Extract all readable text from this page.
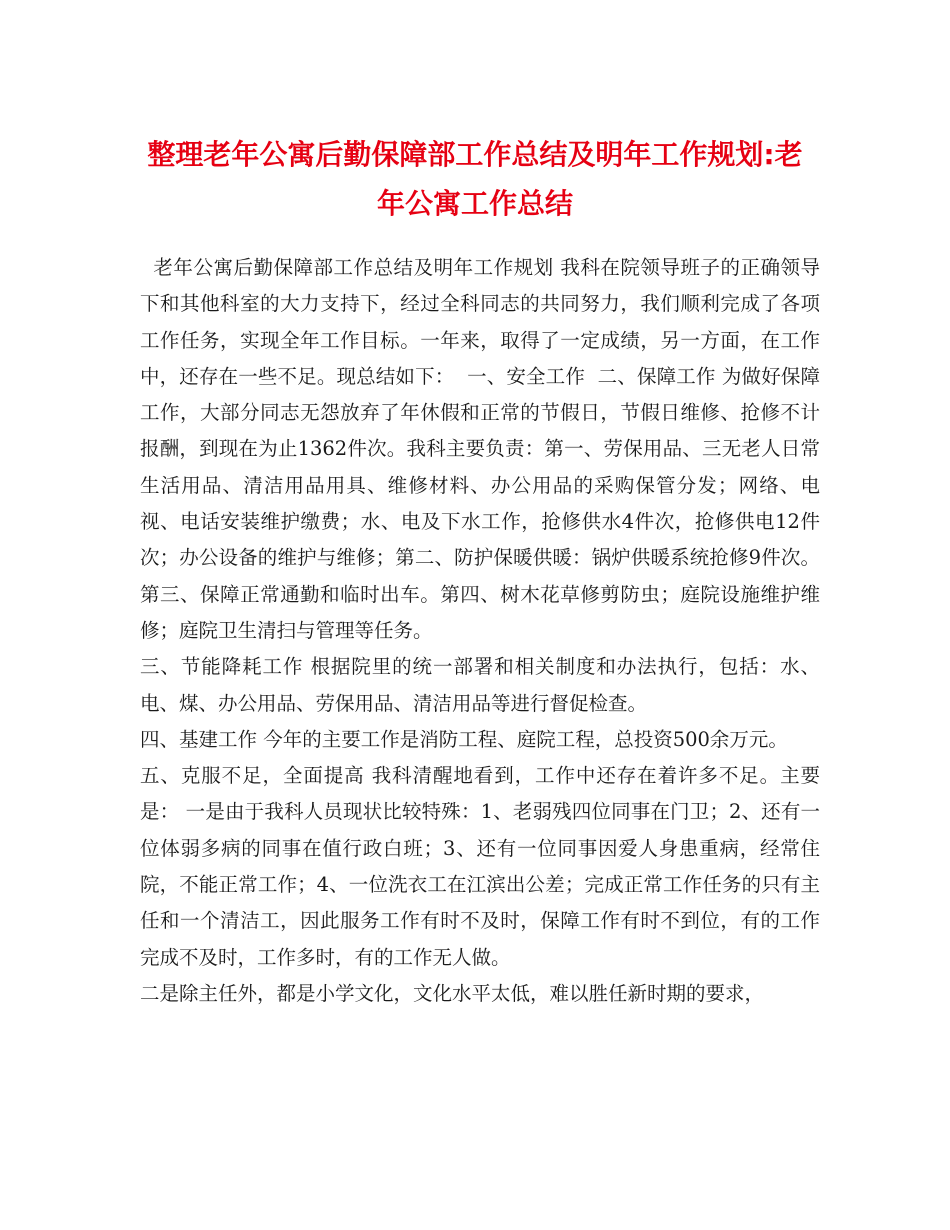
整理老年公寓后勤保障部工作总结及明年工作规划:老
年公寓工作总结

老年公寓后勤保障部工作总结及明年工作规划 我科在院领导班子的正确领导下和其他科室的大力支持下，经过全科同志的共同努力，我们顺利完成了各项工作任务，实现全年工作目标。一年来，取得了一定成绩，另一方面，在工作中，还存在一些不足。现总结如下：  一、安全工作  二、保障工作 为做好保障工作，大部分同志无怨放弃了年休假和正常的节假日，节假日维修、抢修不计报酬，到现在为止1362件次。我科主要负责：第一、劳保用品、三无老人日常生活用品、清洁用品用具、维修材料、办公用品的采购保管分发；网络、电视、电话安装维护缴费；水、电及下水工作，抢修供水4件次，抢修供电12件次；办公设备的维护与维修；第二、防护保暖供暖：锅炉供暖系统抢修9件次。第三、保障正常通勤和临时出车。第四、树木花草修剪防虫；庭院设施维护维修；庭院卫生清扫与管理等任务。

三、节能降耗工作 根据院里的统一部署和相关制度和办法执行，包括：水、电、煤、办公用品、劳保用品、清洁用品等进行督促检查。

四、基建工作 今年的主要工作是消防工程、庭院工程，总投资500余万元。

五、克服不足，全面提高 我科清醒地看到，工作中还存在着许多不足。主要是： 一是由于我科人员现状比较特殊：1、老弱残四位同事在门卫；2、还有一位体弱多病的同事在值行政白班；3、还有一位同事因爱人身患重病，经常住院，不能正常工作；4、一位洗衣工在江滨出公差；完成正常工作任务的只有主任和一个清洁工，因此服务工作有时不及时，保障工作有时不到位，有的工作完成不及时，工作多时，有的工作无人做。

二是除主任外，都是小学文化，文化水平太低，难以胜任新时期的要求，
